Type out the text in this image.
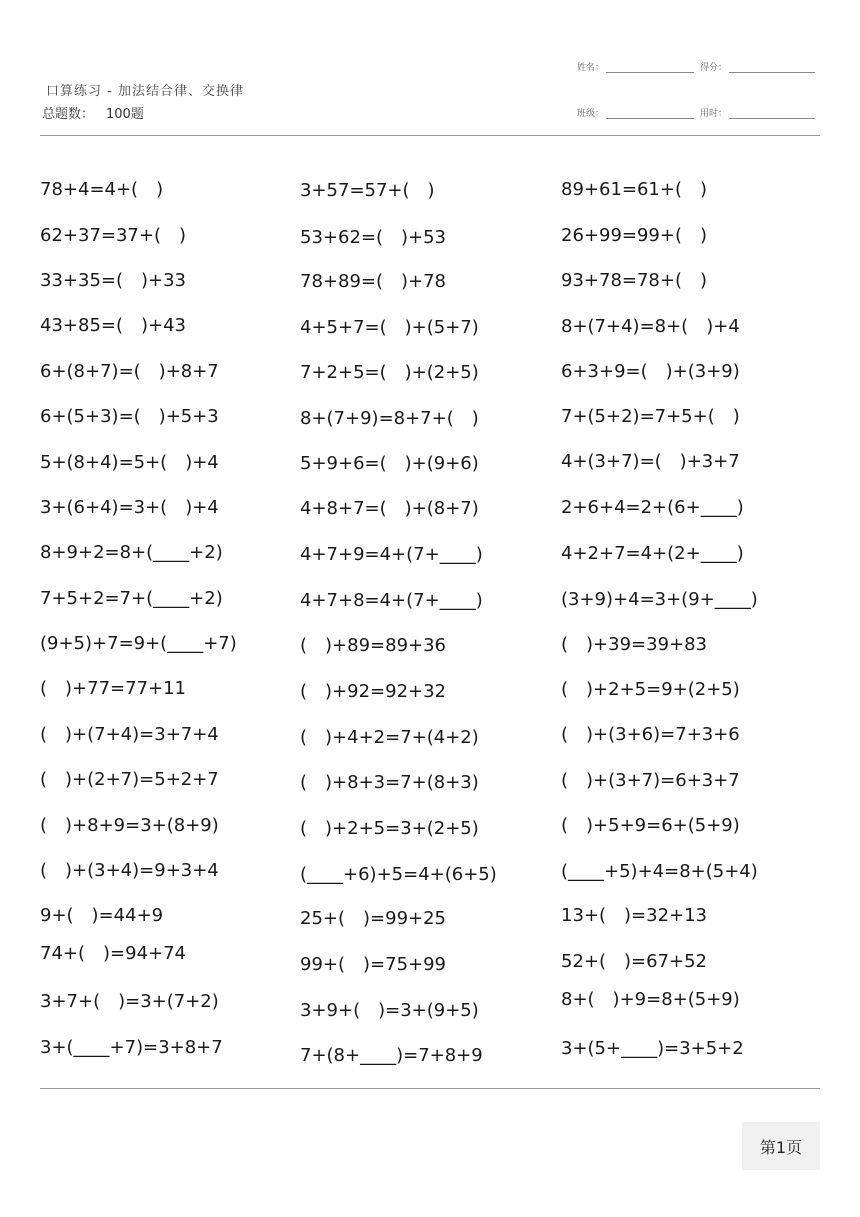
口算练习 - 加法结合律、交换律
总题数： 100题
姓名：	得分：
班级：	用时：
78+4=4+(　)
62+37=37+(　)
33+35=(　)+33
43+85=(　)+43
6+(8+7)=(　)+8+7
6+(5+3)=(　)+5+3
5+(8+4)=5+(　)+4
3+(6+4)=3+(　)+4
8+9+2=8+(____+2)
7+5+2=7+(____+2)
(9+5)+7=9+(____+7)
(　)+77=77+11
(　)+(7+4)=3+7+4
(　)+(2+7)=5+2+7
(　)+8+9=3+(8+9)
(　)+(3+4)=9+3+4
9+(　)=44+9
74+(　)=94+74
3+7+(　)=3+(7+2)
3+(____+7)=3+8+7
3+57=57+(　)
53+62=(　)+53
78+89=(　)+78
4+5+7=(　)+(5+7)
7+2+5=(　)+(2+5)
8+(7+9)=8+7+(　)
5+9+6=(　)+(9+6)
4+8+7=(　)+(8+7)
4+7+9=4+(7+____)
4+7+8=4+(7+____)
(　)+89=89+36
(　)+92=92+32
(　)+4+2=7+(4+2)
(　)+8+3=7+(8+3)
(　)+2+5=3+(2+5)
(____+6)+5=4+(6+5)
25+(　)=99+25
99+(　)=75+99
3+9+(　)=3+(9+5)
7+(8+____)=7+8+9
89+61=61+(　)
26+99=99+(　)
93+78=78+(　)
8+(7+4)=8+(　)+4
6+3+9=(　)+(3+9)
7+(5+2)=7+5+(　)
4+(3+7)=(　)+3+7
2+6+4=2+(6+____)
4+2+7=4+(2+____)
(3+9)+4=3+(9+____)
(　)+39=39+83
(　)+2+5=9+(2+5)
(　)+(3+6)=7+3+6
(　)+(3+7)=6+3+7
(　)+5+9=6+(5+9)
(____+5)+4=8+(5+4)
13+(　)=32+13
52+(　)=67+52
8+(　)+9=8+(5+9)
3+(5+____)=3+5+2
第1页
